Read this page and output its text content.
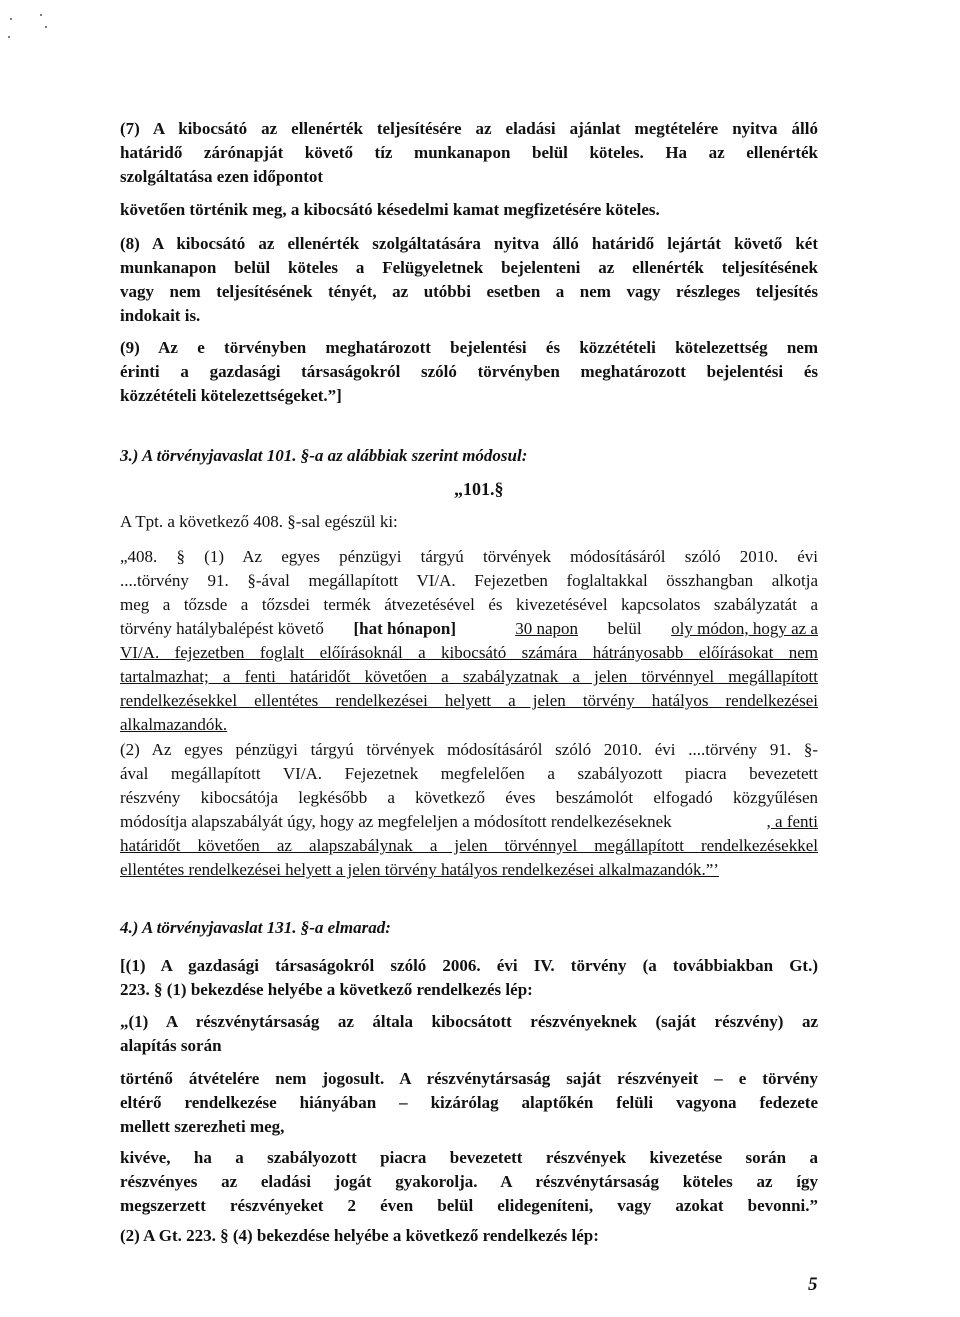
(7) A kibocsátó az ellenérték teljesítésére az eladási ajánlat megtételére nyitva álló
határidő zárónapját követő tíz munkanapon belül köteles. Ha az ellenérték
szolgáltatása ezen időpontot
követően történik meg, a kibocsátó késedelmi kamat megfizetésére köteles.
(8) A kibocsátó az ellenérték szolgáltatására nyitva álló határidő lejártát követő két
munkanapon belül köteles a Felügyeletnek bejelenteni az ellenérték teljesítésének
vagy nem teljesítésének tényét, az utóbbi esetben a nem vagy részleges teljesítés
indokait is.
(9) Az e törvényben meghatározott bejelentési és közzétételi kötelezettség nem
érinti a gazdasági társaságokról szóló törvényben meghatározott bejelentési és
közzétételi kötelezettségeket.”]
3.) A törvényjavaslat 101. §-a az alábbiak szerint módosul:
„101.§
A Tpt. a következő 408. §-sal egészül ki:
„408. § (1) Az egyes pénzügyi tárgyú törvények módosításáról szóló 2010. évi
....törvény 91. §-ával megállapított VI/A. Fejezetben foglaltakkal összhangban alkotja
meg a tőzsde a tőzsdei termék átvezetésével és kivezetésével kapcsolatos szabályzatát a
törvény hatálybalépést követő [hat hónapon]	30 napon belül oly módon, hogy az a
VI/A. fejezetben foglalt előírásoknál a kibocsátó számára hátrányosabb előírásokat nem
tartalmazhat; a fenti határidőt követően a szabályzatnak a jelen törvénnyel megállapított
rendelkezésekkel ellentétes rendelkezései helyett a jelen törvény hatályos rendelkezései
alkalmazandók.
(2) Az egyes pénzügyi tárgyú törvények módosításáról szóló 2010. évi ....törvény 91. §-
ával megállapított VI/A. Fejezetnek megfelelően a szabályozott piacra bevezetett
részvény kibocsátója legkésőbb a következő éves beszámolót elfogadó közgyűlésen
módosítja alapszabályát úgy, hogy az megfeleljen a módosított rendelkezéseknek	, a fenti
határidőt követően az alapszabálynak a jelen törvénnyel megállapított rendelkezésekkel
ellentétes rendelkezései helyett a jelen törvény hatályos rendelkezései alkalmazandók.”’
4.) A törvényjavaslat 131. §-a elmarad:
[(1) A gazdasági társaságokról szóló 2006. évi IV. törvény (a továbbiakban Gt.)
223. § (1) bekezdése helyébe a következő rendelkezés lép:
„(1) A részvénytársaság az általa kibocsátott részvényeknek (saját részvény) az
alapítás során
történő átvételére nem jogosult. A részvénytársaság saját részvényeit – e törvény
eltérő rendelkezése hiányában – kizárólag alaptőkén felüli vagyona fedezete
mellett szerezheti meg,
kivéve, ha a szabályozott piacra bevezetett részvények kivezetése során a
részvényes az eladási jogát gyakorolja. A részvénytársaság köteles az így
megszerzett részvényeket 2 éven belül elidegeníteni, vagy azokat bevonni.”
(2) A Gt. 223. § (4) bekezdése helyébe a következő rendelkezés lép:
5
